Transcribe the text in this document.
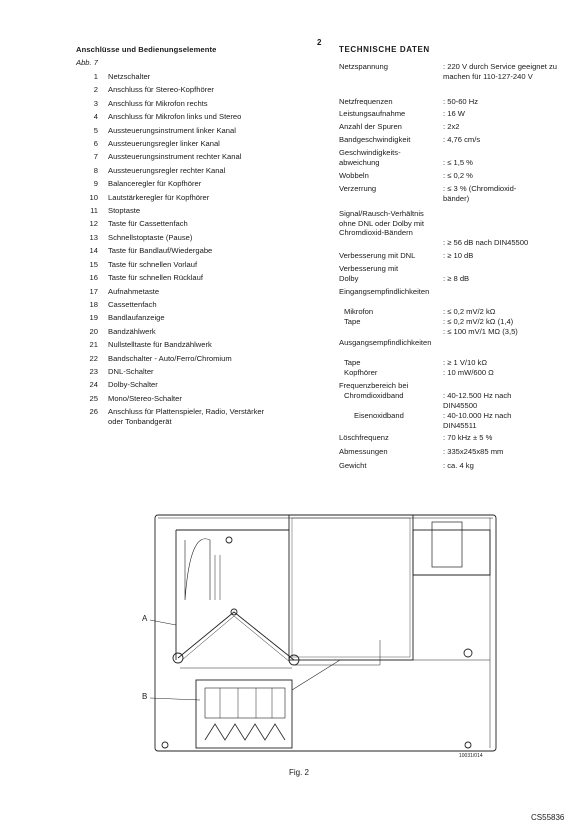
2
Anschlüsse und Bedienungselemente
Abb. 7
1	Netzschalter
2	Anschluss für Stereo-Kopfhörer
3	Anschluss für Mikrofon rechts
4	Anschluss für Mikrofon links und Stereo
5	Aussteuerungsinstrument linker Kanal
6	Aussteuerungsregler linker Kanal
7	Aussteuerungsinstrument rechter Kanal
8	Aussteuerungsregler rechter Kanal
9	Balanceregler für Kopfhörer
10	Lautstärkeregler für Kopfhörer
11	Stoptaste
12	Taste für Cassettenfach
13	Schnellstoptaste (Pause)
14	Taste für Bandlauf/Wiedergabe
15	Taste für schnellen Vorlauf
16	Taste für schnellen Rücklauf
17	Aufnahmetaste
18	Cassettenfach
19	Bandlaufanzeige
20	Bandzählwerk
21	Nullstelltaste für Bandzählwerk
22	Bandschalter - Auto/Ferro/Chromium
23	DNL-Schalter
24	Dolby-Schalter
25	Mono/Stereo-Schalter
26	Anschluss für Plattenspieler, Radio, Verstärker oder Tonbandgerät
TECHNISCHE DATEN
Netzspannung	: 220 V durch Service geeignet zu machen für 110-127-240 V
Netzfrequenzen	: 50-60 Hz
Leistungsaufnahme	: 16 W
Anzahl der Spuren	: 2x2
Bandgeschwindigkeit	: 4,76 cm/s
Geschwindigkeits-abweichung	: ≤ 1,5 %
Wobbeln	: ≤ 0,2 %
Verzerrung	: ≤ 3 % (Chromdioxid-bänder)
Signal/Rausch-Verhältnis ohne DNL oder Dolby mit Chromdioxid-Bändern
: ≥ 56 dB nach DIN45500
Verbesserung mit DNL	: ≥ 10 dB
Verbesserung mit Dolby	: ≥ 8 dB
Eingangsempfindlichkeiten
Mikrofon	: ≤ 0,2 mV/2 kΩ
Tape	: ≤ 0,2 mV/2 kΩ (1,4)
: ≤ 100 mV/1 MΩ (3,5)
Ausgangsempfindlichkeiten
Tape	: ≥ 1 V/10 kΩ
Kopfhörer	: 10 mW/600 Ω
Frequenzbereich bei
Chromdioxidband	: 40-12.500 Hz nach DIN45500
Eisenoxidband	: 40-10.000 Hz nach DIN45511
Löschfrequenz	: 70 kHz ± 5 %
Abmessungen	: 335x245x85 mm
Gewicht	: ca. 4 kg
A
B
10031/014
Fig. 2
CS55836
